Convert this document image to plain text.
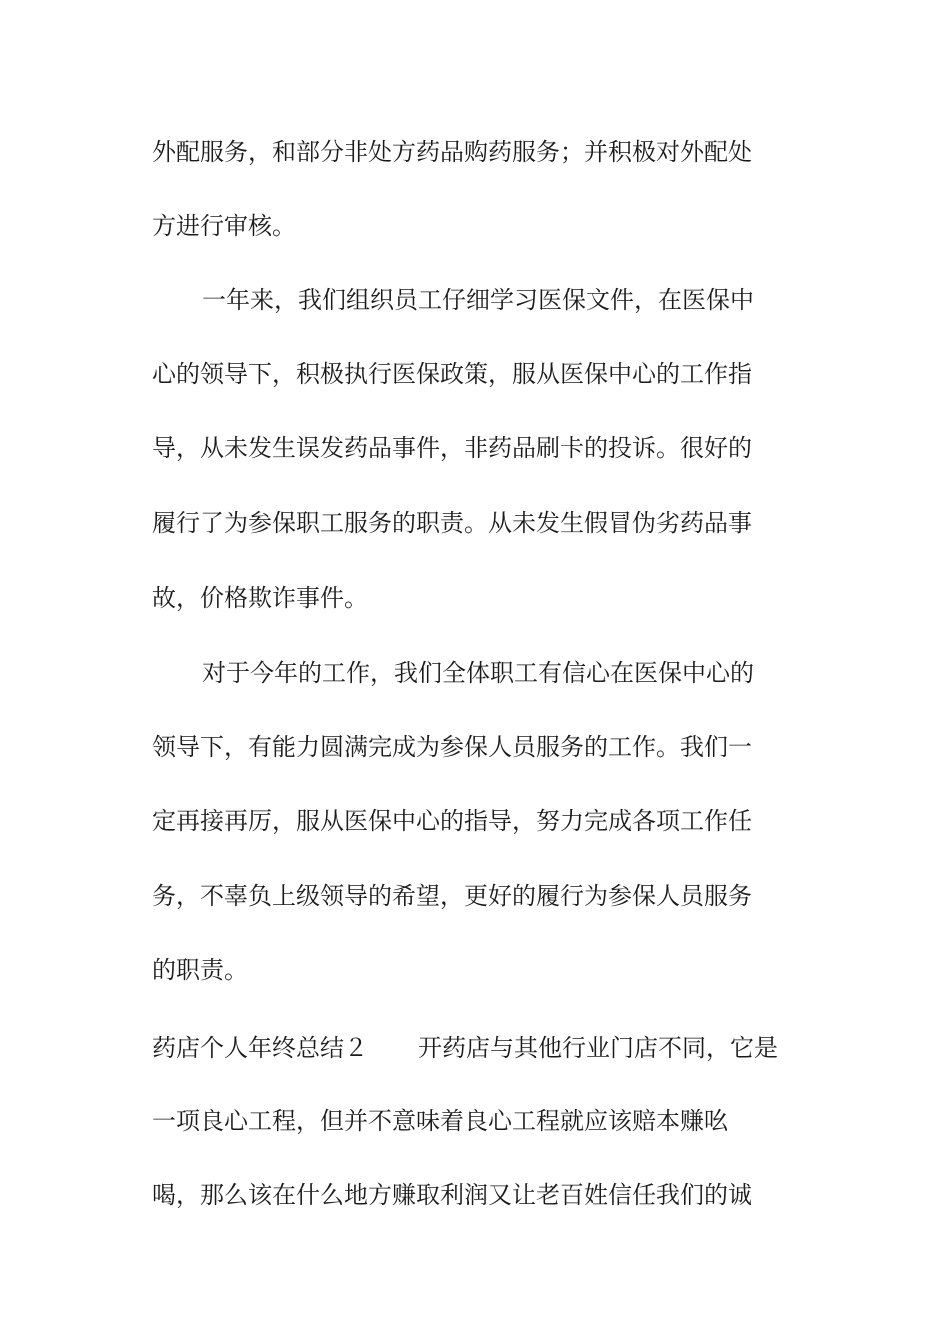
外配服务，和部分非处方药品购药服务；并积极对外配处
方进行审核。
一年来，我们组织员工仔细学习医保文件，在医保中
心的领导下，积极执行医保政策，服从医保中心的工作指
导，从未发生误发药品事件，非药品刷卡的投诉。很好的
履行了为参保职工服务的职责。从未发生假冒伪劣药品事
故，价格欺诈事件。
对于今年的工作，我们全体职工有信心在医保中心的
领导下，有能力圆满完成为参保人员服务的工作。我们一
定再接再厉，服从医保中心的指导，努力完成各项工作任
务，不辜负上级领导的希望，更好的履行为参保人员服务
的职责。
药店个人年终总结２ 开药店与其他行业门店不同，它是
一项良心工程，但并不意味着良心工程就应该赔本赚吆
喝，那么该在什么地方赚取利润又让老百姓信任我们的诚
